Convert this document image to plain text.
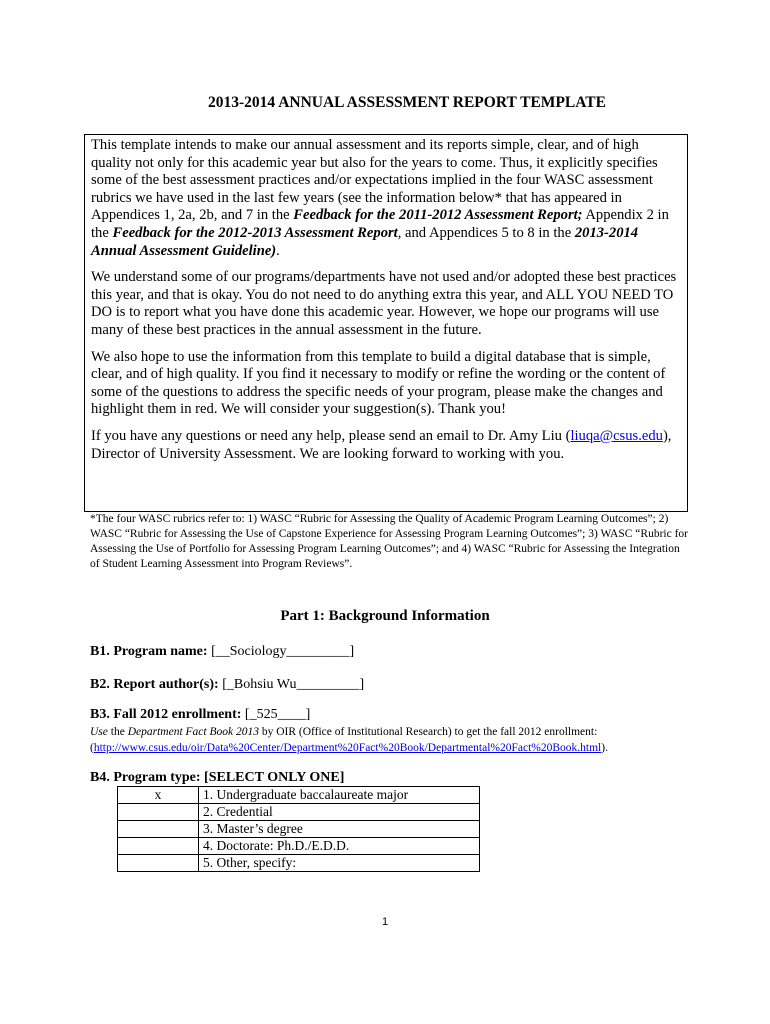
2013-2014 ANNUAL ASSESSMENT REPORT TEMPLATE

This template intends to make our annual assessment and its reports simple, clear, and of high quality not only for this academic year but also for the years to come. Thus, it explicitly specifies some of the best assessment practices and/or expectations implied in the four WASC assessment rubrics we have used in the last few years (see the information below* that has appeared in Appendices 1, 2a, 2b, and 7 in the Feedback for the 2011-2012 Assessment Report; Appendix 2 in the Feedback for the 2012-2013 Assessment Report, and Appendices 5 to 8 in the 2013-2014 Annual Assessment Guideline).

We understand some of our programs/departments have not used and/or adopted these best practices this year, and that is okay. You do not need to do anything extra this year, and ALL YOU NEED TO DO is to report what you have done this academic year. However, we hope our programs will use many of these best practices in the annual assessment in the future.

We also hope to use the information from this template to build a digital database that is simple, clear, and of high quality. If you find it necessary to modify or refine the wording or the content of some of the questions to address the specific needs of your program, please make the changes and highlight them in red. We will consider your suggestion(s). Thank you!

If you have any questions or need any help, please send an email to Dr. Amy Liu (liuqa@csus.edu), Director of University Assessment. We are looking forward to working with you.

*The four WASC rubrics refer to: 1) WASC “Rubric for Assessing the Quality of Academic Program Learning Outcomes”; 2) WASC “Rubric for Assessing the Use of Capstone Experience for Assessing Program Learning Outcomes”; 3) WASC “Rubric for Assessing the Use of Portfolio for Assessing Program Learning Outcomes”; and 4) WASC “Rubric for Assessing the Integration of Student Learning Assessment into Program Reviews”.
Part 1: Background Information
B1. Program name: [__Sociology_________]
B2. Report author(s): [_Bohsiu Wu_________]
B3. Fall 2012 enrollment: [_525____]
Use the Department Fact Book 2013 by OIR (Office of Institutional Research) to get the fall 2012 enrollment: (http://www.csus.edu/oir/Data%20Center/Department%20Fact%20Book/Departmental%20Fact%20Book.html).
B4. Program type: [SELECT ONLY ONE]
x	1. Undergraduate baccalaureate major
	2. Credential
	3. Master’s degree
	4. Doctorate: Ph.D./E.D.D.
	5. Other, specify:
1
